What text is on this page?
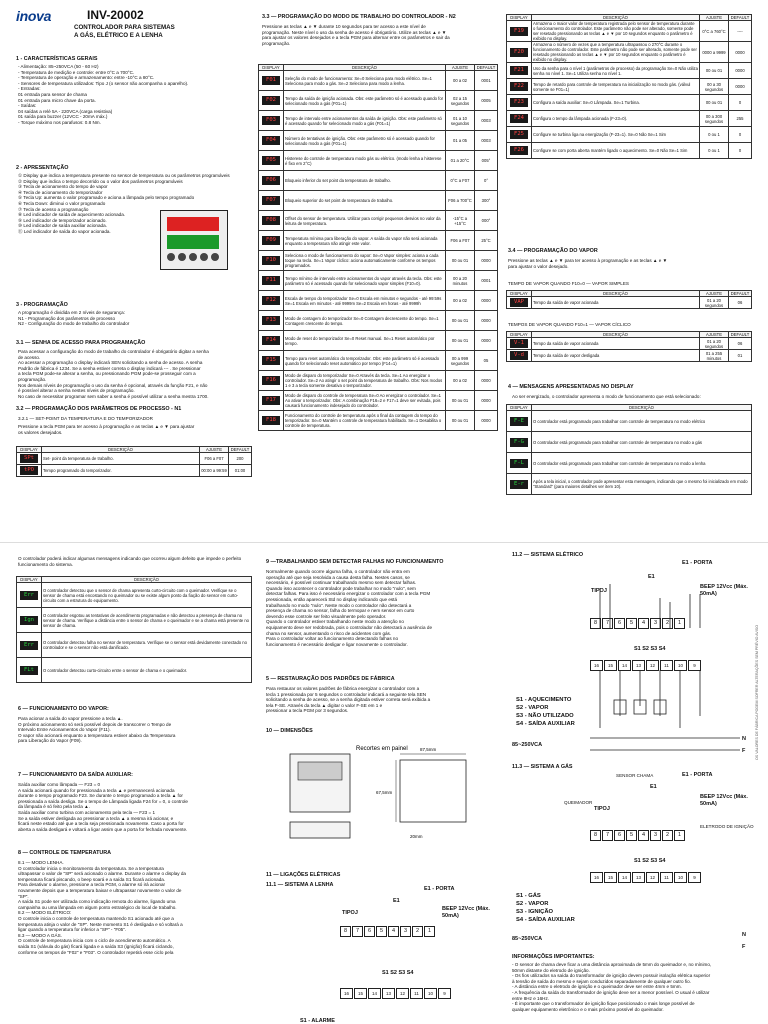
inova	INV-20002
CONTROLADOR PARA SISTEMAS
A GÁS, ELÉTRICO E A LENHA
1 - CARACTERÍSTICAS GERAIS
- Alimentação: 85~250VCA (50 - 60 Hz)
- Temperatura de medição e controle: entre 0°C a 700°C.
- Temperatura de operação e armazenamento: entre -10°C a 80°C.
- Sensores de temperatura utilizados: Tipo J (o sensor não acompanha o aparelho).
- Entradas:
01 entrada para sensor de chama
01 entrada para micro chave da porta.
- Saídas:
04 saídas a relé 5A - 220VCA (carga resistiva)
01 saída para buzzer (12VCC - 20mA máx.)
- Torque máximo nos parafusos: 0.8 Nm.
2 - APRESENTAÇÃO
① Display que indica a temperatura presente no sensor de temperatura ou os parâmetros programáveis
② Display que indica o tempo decorrido ou o valor dos parâmetros programáveis
③ Tecla de acionamento do tempo de vapor
④ Tecla de acionamento do temporizador
⑤ Tecla Up: aumenta o valor programado e aciona a lâmpada pelo tempo programado
⑥ Tecla Down: diminui o valor programado
⑦ Tecla de acesso a programação
⑧ Led indicador de saída de aquecimento acionada.
⑨ Led indicador de temporizador acionado.
⑩ Led indicador de saída auxiliar acionada.
⑪ Led indicador de saída do vapor acionada.
3 - PROGRAMAÇÃO
A programação é dividida em 2 níveis de segurança:
N1 - Programação dos parâmetros de processo
N2 - Configuração do modo de trabalho do controlador
3.1 — SENHA DE ACESSO PARA PROGRAMAÇÃO
Para acessar a configuração do modo de trabalho do controlador é obrigatório digitar a senha
de acesso.
Ao acessar a programação o display indicará SEN solicitando a senha de acesso. A senha
Padrão de fábrica é 1234. Se a senha estiver correta o display indicará --- . Se pressionar
a tecla PGM pode-se alterar a senha, ou pressionando PGM pode-se prosseguir com a
programação.
Nos demais níveis de programação o uso da senha é opcional, através da função F21, e não
é possível alterar a senha nestes níveis de programação.
No caso de necessitar programar sem saber a senha é possível utilizar a senha mestra 1700.
3.2 — PROGRAMAÇÃO DOS PARÂMETROS DE PROCESSO - N1
3.2.1 — SET-POINT DA TEMPERATURA E DO TEMPORIZADOR
Pressione a tecla PGM para ter acesso à programação e as teclas ▲ e ▼ para ajustar
os valores desejados.
DISPLAY	DESCRIÇÃO	AJUSTE	DEFAULT
SPt	Set- point da temperatura de trabalho.	F06 a F07	200
tPO	Tempo programado do temporizador.	00:00 a 99:59	01:00
3.3 — PROGRAMAÇÃO DO MODO DE TRABALHO DO CONTROLADOR - N2
Pressione as teclas ▲ e ▼ durante 10 segundos para ter acesso a este nível de
programação. Neste nível o uso da senha de acesso é obrigatório. Utilize as teclas ▲ e ▼
para ajustar os valores desejados e a tecla PGM para alternar entre os parâmetros e sair da
programação.
DISPLAY	DESCRIÇÃO	AJUSTE	DEFAULT
F01	Seleção do modo de funcionamento: Se=0 Seleciona para modo elétrico. Se=1 Seleciona para modo a gás. Se=2 Seleciona para modo a lenha.	00 a 02	0001
F02	Tempo da saída de ignição acionada. Obs: este parâmetro só é acessado quando for selecionado modo a gás (F01=1)	02 a 15 segundos	0005
F03	Tempo de intervalo entre acionamentos da saída de ignição. Obs: este parâmetro só é acessado quando for selecionado modo a gás (F01=1)	01 a 10 segundos	0003
F04	Número de tentativas de ignição. Obs: este parâmetro só é acessado quando for selecionado modo a gás (F01=1)	01 a 05	0003
F05	Histerese do controle de temperatura modo gás ou elétrico. (modo lenha a histerese é fixo em 2°C)	01 a 20°C	005°
F06	Bloqueio inferior do set point da temperatura de trabalho.	0°C a F07	0°
F07	Bloqueio superior do set point de temperatura de trabalho.	F06 a 700°C	300°
F08	Offset do sensor de temperatura. Utilizar para corrigir pequenos desvios no valor da leitura de temperatura.	-15°C a +15°C	000°
F09	Temperatura mínima para liberação do vapor. A saída do vapor não será acionada enquanto a temperatura não atingir este valor.	F06 a F07	25°C
F10	Seleciona o modo de funcionamento do vapor: Se=0 Vapor simples: aciona a cada toque na tecla. Se=1 Vapor cíclico: aciona automaticamente conforme os tempos programados.	00 ou 01	0000
F11	Tempo mínimo de intervalo entre acionamentos do vapor através da tecla. Obs: este parâmetro só é acessado quando for selecionado vapor simples (F10=0).	00 a 20 minutos	0001
F12	Escala de tempo do temporizador Se=0 Escala em minutos e segundos - até 99:59s Se=1 Escala em minutos - até 9999m Se=2 Escala em horas - até 9999h	00 a 02	0000
F13	Modo de contagem do temporizador Se=0 Contagem decrescente do tempo. Se=1 Contagem crescente do tempo.	00 ou 01	0000
F14	Modo de reset do temporizador Se=0 Reset manual. Se=1 Reset automático por tempo.	00 ou 01	0000
F15	Tempo para reset automático do temporizador. Obs: este parâmetro só é acessado quando for selecionado reset automático por tempo (F14=1)	00 a 999 segundos	05
F16	Modo de disparo do temporizador Se=0 Através da tecla. Se=1 Ao energizar o controlador. Se=2 Ao atingir o set point da temperatura de trabalho. Obs: Nos modos 1 e 3 a tecla somente desativa o temporizador.	00 a 02	0000
F17	Modo de disparo do controle de temperatura Se=0 Ao energizar o controlador. Se=1 Ao ativar o temporizador. Obs: A combinação F16=2 e F17=1 deve ser evitada, pois causará funcionamento indesejado do controlador.	00 ou 01	0000
F18	Funcionamento do controle de temperatura após o final da contagem do tempo do temporizador. Se=0 Mantém o controle de temperatura habilitado. Se=1 Desabilita o controle de temperatura.	00 ou 01	0000
DISPLAY	DESCRIÇÃO	AJUSTE	DEFAULT
F19	Armazena o maior valor de temperatura registrada pelo sensor de temperatura durante o funcionamento do controlador. Este parâmetro não pode ser alterado, somente pode ser resetado pressionando as teclas ▲ e ▼ por 10 segundos enquanto o parâmetro é exibido no display.	0°C a 760°C	----
F20	Armazena o número de vezes que a temperatura ultrapassou o 270°C durante o funcionamento do controlador. Este parâmetro não pode ser alterado, somente pode ser resetado pressionando as teclas ▲ e ▼ por 10 segundos enquanto o parâmetro é exibido no display.	0000 a 9999	0000
F21	Uso da senha para o nível 1 (parâmetros de processo) da programação Se=0 Não utiliza senha no nível 1. Se=1 Utiliza senha no nível 1.	00 ou 01	0000
F22	Tempo de retardo para controle de temperatura na inicialização no modo gás. (válvul somente se F01=1)	00 a 30 segundos	0000
F23	Configura a saída auxiliar: Se=0 Lâmpada. Se=1 Turbina.	00 ou 01	0
F24	Configura o tempo da lâmpada acionada (F-23=0).	00 a 300 segundos	255
F25	Configure se turbina liga na energização (F-23=1). Se=0 Não Se=1 Sim	0 ou 1	0
F26	Configure se com porta aberta mantém ligado o aquecimento. Se=0 Não Se=1 Sim	0 ou 1	0
3.4 — PROGRAMAÇÃO DO VAPOR
Pressione as teclas ▲ e ▼ para ter acesso à programação e as teclas ▲ e ▼
para ajustar o valor desejado.
TEMPO DE VAPOR QUANDO F10=0 — VAPOR SIMPLES
DISPLAY	DESCRIÇÃO	AJUSTE	DEFAULT
VAP	Tempo da saída de vapor acionada	01 a 20 segundos	06
TEMPOS DE VAPOR QUANDO F10=1 — VAPOR CÍCLICO
DISPLAY	DESCRIÇÃO	AJUSTE	DEFAULT
V-1	Tempo da saída de vapor acionada	01 a 20 segundos	06
V-d	Tempo da saída de vapor desligada	01 a 255 minutos	01
4 — MENSAGENS APRESENTADAS NO DISPLAY
Ao ser energizado, o controlador apresenta o modo de funcionamento que está selecionado:
DISPLAY	DESCRIÇÃO
F-E	O controlador está programado para trabalhar com controle de temperatura no modo elétrico
F-G	O controlador está programado para trabalhar com controle de temperatura no modo a gás
F-L	O controlador está programado para trabalhar com controle de temperatura no modo a lenha
E-r	Após a tela inicial, o controlador pode apresentar esta mensagem, indicando que o mesmo foi inicializado em modo "Standard" (para maiores detalhes ver item 10).
O controlador poderá indicar algumas mensagens indicando que ocorreu algum defeito que impede o perfeito funcionamento do sistema.
DISPLAY	DESCRIÇÃO
Err	O controlador detectou que o sensor de chama apresenta curto-circuito com o queimador. Verifique se o sensor de chama está encostando no queimador ou se existe algum ponto da fiação do sensor em curto-circuito com a estrutura do equipamento.
Ign	O controlador esgotou as tentativas de acendimento programadas e não detectou a presença de chama no sensor de chama. Verifique a distância entre o sensor de chama e o queimador e se a chama está presente no sensor de chama.
Err	O controlador detectou falha no sensor de temperatura. Verifique se o sensor está devidamente conectado no controlador e se o sensor não está danificado.
FLt	O controlador detectou curto-circuito entre o sensor de chama e o queimador.
6 — FUNCIONAMENTO DO VAPOR:
Para acionar a saída do vapor pressione a tecla ▲.
O próximo acionamento só será possível depois de transcorrer o Tempo de
Intervalo Entre Acionamentos do Vapor (F11).
O vapor não acionará enquanto a temperatura estiver abaixo da Temperatura
para Liberação do Vapor (F09).
7 — FUNCIONAMENTO DA SAÍDA AUXILIAR:
Saída auxiliar como lâmpada — F23 = 0
A saída acionará quando for pressionada a tecla ▲ e permanecerá acionada
durante o tempo programado F23. Se durante o tempo programado a tecla ▲ for
pressionada a saída desliga. Se o tempo de Lâmpada ligada F24 for = 0, o controle
da lâmpada é só feito pela tecla ▲.
Saída auxiliar como turbina com acionamento pela tecla — F23 = 1
Se a saída estiver desligada ao pressionar a tecla ▲ a mesma irá acionar, e
ficará neste estado até que a tecla seja pressionada novamente. Caso a porta for
aberta a saída desligará e voltará a ligar assim que a porta for fechada novamente.
8 — CONTROLE DE TEMPERATURA
8.1 — MODO LENHA.
O controlador inicia o monitoramento da temperatura. Se a temperatura
ultrapassar o valor de "SP" será acionado o alarme. Durante o alarme o display da
temperatura ficará piscando, o beep soará e a saída S1 ficará acionada.
Para desativar o alarme, pressione a tecla PGM, o alarme só irá acionar
novamente depois que a temperatura baixar e ultrapassar novamente o valor de
"SP".
A saída S1 pode ser utilizada como indicação remota do alarme, ligando uma
campainha ou uma lâmpada em algum ponto estratégico do local de trabalho.
8.2 — MODO ELÉTRICO:
O controle inicia o controle de temperatura mantendo S1 acionado até que a
temperatura atinja o valor de "SP". Neste momento S1 é desligada e só voltará a
ligar quando a temperatura for inferior a "SP" - "F05".
8.3 — MODO A GÁS.
O controle de temperatura inicia com o ciclo de acendimento automático. A
saída S1 (válvula do gás) ficará ligada e a saída S3 (ignição) ficará ciclando,
conforme os tempos de "F02" e "F03". O controlador repetirá esse ciclo pela
9 —TRABALHANDO SEM DETECTAR FALHAS NO FUNCIONAMENTO
Normalmente quando ocorre alguma falha, o controlador não entra em
operação até que seja resolvida a causa desta falha. Nestes casos, se
necessário, é possível continuar trabalhando mesmo sem detectar falhas.
Quando isso acontecer o controlador pode trabalhar no modo "nulo", sem
detectar falhas. Para isso é necessário energizar o controlador com a tecla PGM
pressionada, então aparecerá Std no display indicando que está
trabalhando no modo "nulo". Neste modo o controlador não detectará a
presença de chama no sensor, falha do termopar e nem sensor em curto
devendo esse controle ser feito visualmente pelo operador.
Quando o controlador estiver trabalhando neste modo a atenção no
equipamento deve ser redobrada, pois o controlador não detectará a ausência de
chama no sensor, aumentando o risco de acidentes com gás.
Para o controlador voltar ao funcionamento detectando falhas no
funcionamento é necessário desligar e ligar novamente o controlador.
5 — RESTAURAÇÃO DOS PADRÕES DE FÁBRICA
Para restaurar os valores padrões de fábrica energizar o controlador com a
tecla 1 pressionada por 5 segundos o controlador indicará a seguinte tela SEN
solicitando a senha de acesso, se a senha digitada estiver correta será exibida a
tela F-SE. Através da tecla ▲ digitar o valor F-SE em 1 e
pressionar a tecla PGM por 3 segundos.
10 — DIMENSÕES
87,5mm
67,5mm
20mm
Recortes em painel
11 — LIGAÇÕES ELÉTRICAS
11.1 — SISTEMA A LENHA
E1 - PORTA
E1
BEEP 12Vcc (Máx. 50mA)
TIPOJ
8	7	6	5	4	3	2	1
S1 S2 S3 S4
16	15	14	13	12	11	10	9
S1 - ALARME
11.2 — SISTEMA ELÉTRICO
E1 - PORTA
E1
BEEP 12Vcc (Máx. 50mA)
TIPOJ
8	7	6	5	4	3	2	1
S1 S2 S3 S4
16	15	14	13	12	11	10	9
S1 - AQUECIMENTO
S2 - VAPOR
S3 - NÃO UTILIZADO
S4 - SAÍDA AUXILIAR
85~250VCA
N
F
11.3 — SISTEMA A GÁS
E1 - PORTA
E1
BEEP 12Vcc (Máx. 50mA)
TIPOJ
SENSOR CHAMA
QUEIMADOR
ELETRODO DE IGNIÇÃO
8	7	6	5	4	3	2	1
S1 S2 S3 S4
16	15	14	13	12	11	10	9
S1 - GÁS
S2 - VAPOR
S3 - IGNIÇÃO
S4 - SAÍDA AUXILIAR
85~250VCA
N
F
INFORMAÇÕES IMPORTANTES:
- O sensor de chama deve ficar a uma distância aproximada de 5mm do queimador e, no mínimo,
50mm distante do eletrodo de ignição.
- Os fios utilizados na saída do transformador de ignição devem possuir isolação elétrica superior
à tensão de saída do mesmo e sejam conduzidos separadamente de qualquer outro fio.
- A distância entre o eletrodo de ignição e o queimador deve ser entre 4mm e 5mm.
- A frequência da saída do transformador de ignição deve ser a menor possível. O usual é utilizar
entre 8Hz e 16Hz.
- É importante que o transformador de ignição fique posicionado o mais longe possível de
qualquer equipamento eletrônico e o mais próximo possível do queimador.
OS VALORES DE FÁBRICA PODEM SOFRER ALTERAÇÕES SEM PRÉVIO AVISO
